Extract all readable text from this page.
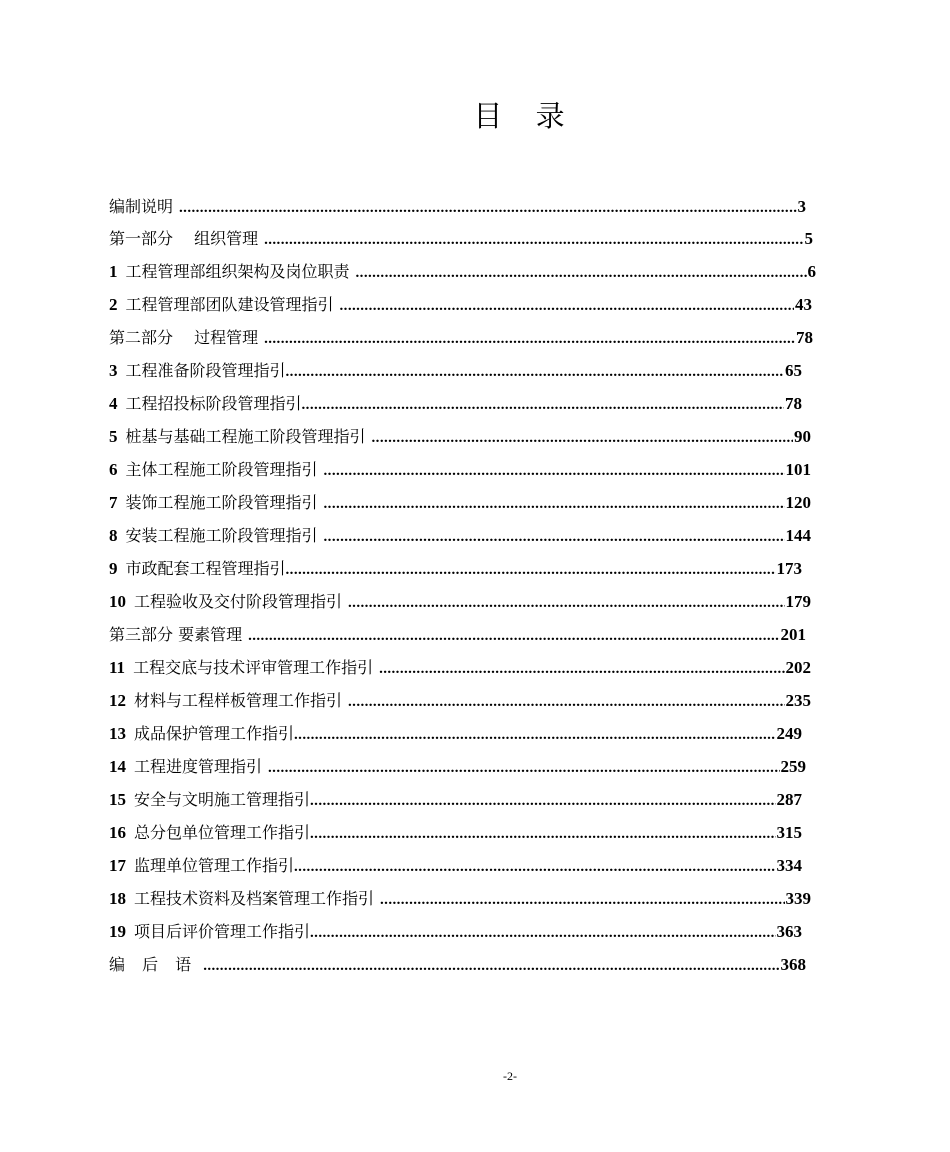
目 录
编制说明 .....	3
第一部分　 组织管理 .....	5
1 工程管理部组织架构及岗位职责 .....	6
2 工程管理部团队建设管理指引 .....	43
第二部分　 过程管理 .....	78
3 工程准备阶段管理指引 .....	65
4 工程招投标阶段管理指引 .....	78
5 桩基与基础工程施工阶段管理指引 .....	90
6 主体工程施工阶段管理指引 .....	101
7 装饰工程施工阶段管理指引 .....	120
8 安装工程施工阶段管理指引 .....	144
9 市政配套工程管理指引 .....	173
10 工程验收及交付阶段管理指引 .....	179
第三部分 要素管理 .....	201
11 工程交底与技术评审管理工作指引 .....	202
12 材料与工程样板管理工作指引 .....	235
13 成品保护管理工作指引 .....	249
14 工程进度管理指引 .....	259
15 安全与文明施工管理指引 .....	287
16 总分包单位管理工作指引 .....	315
17 监理单位管理工作指引 .....	334
18 工程技术资料及档案管理工作指引 .....	339
19 项目后评价管理工作指引 .....	363
编 后 语 .....	368
-2-
